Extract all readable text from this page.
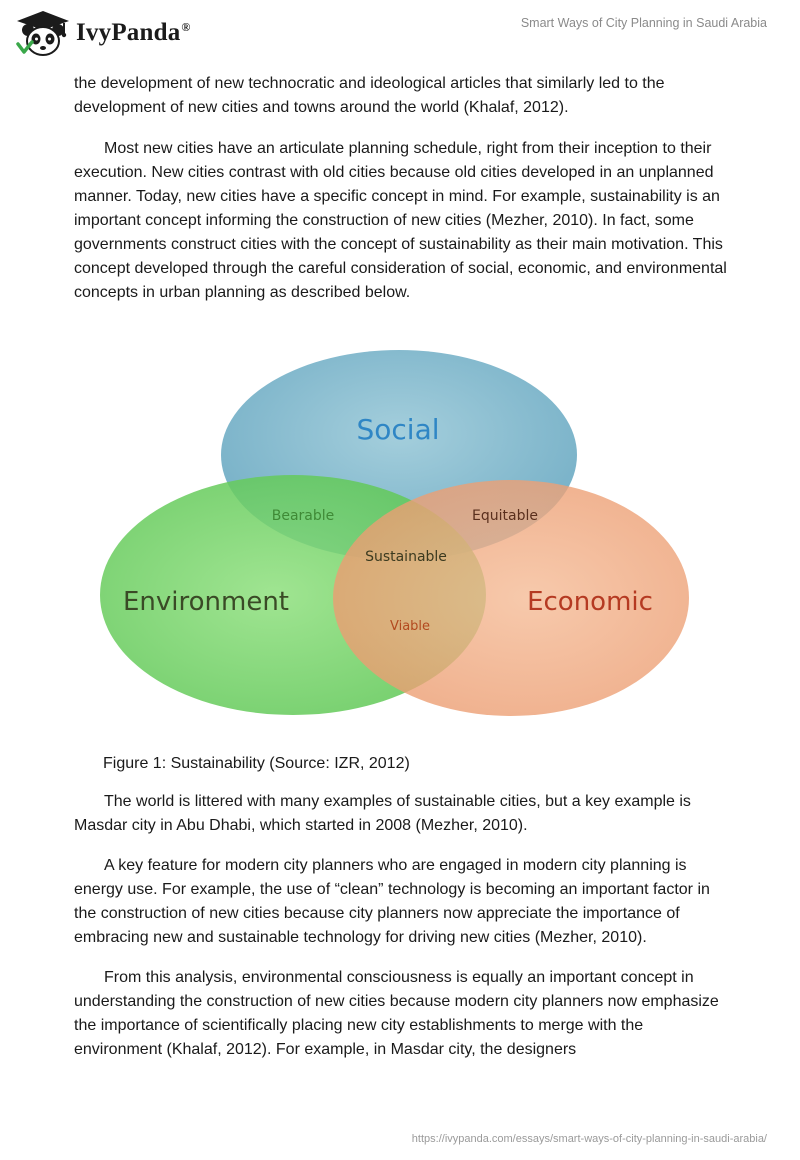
IvyPanda®	Smart Ways of City Planning in Saudi Arabia

the development of new technocratic and ideological articles that similarly led to the development of new cities and towns around the world (Khalaf, 2012).

Most new cities have an articulate planning schedule, right from their inception to their execution. New cities contrast with old cities because old cities developed in an unplanned manner. Today, new cities have a specific concept in mind. For example, sustainability is an important concept informing the construction of new cities (Mezher, 2010). In fact, some governments construct cities with the concept of sustainability as their main motivation. This concept developed through the careful consideration of social, economic, and environmental concepts in urban planning as described below.

Social
Environment	Economic
Bearable	Equitable
Sustainable
Viable
Figure 1: Sustainability (Source: IZR, 2012)

The world is littered with many examples of sustainable cities, but a key example is Masdar city in Abu Dhabi, which started in 2008 (Mezher, 2010).

A key feature for modern city planners who are engaged in modern city planning is energy use. For example, the use of “clean” technology is becoming an important factor in the construction of new cities because city planners now appreciate the importance of embracing new and sustainable technology for driving new cities (Mezher, 2010).

From this analysis, environmental consciousness is equally an important concept in understanding the construction of new cities because modern city planners now emphasize the importance of scientifically placing new city establishments to merge with the environment (Khalaf, 2012). For example, in Masdar city, the designers

https://ivypanda.com/essays/smart-ways-of-city-planning-in-saudi-arabia/
